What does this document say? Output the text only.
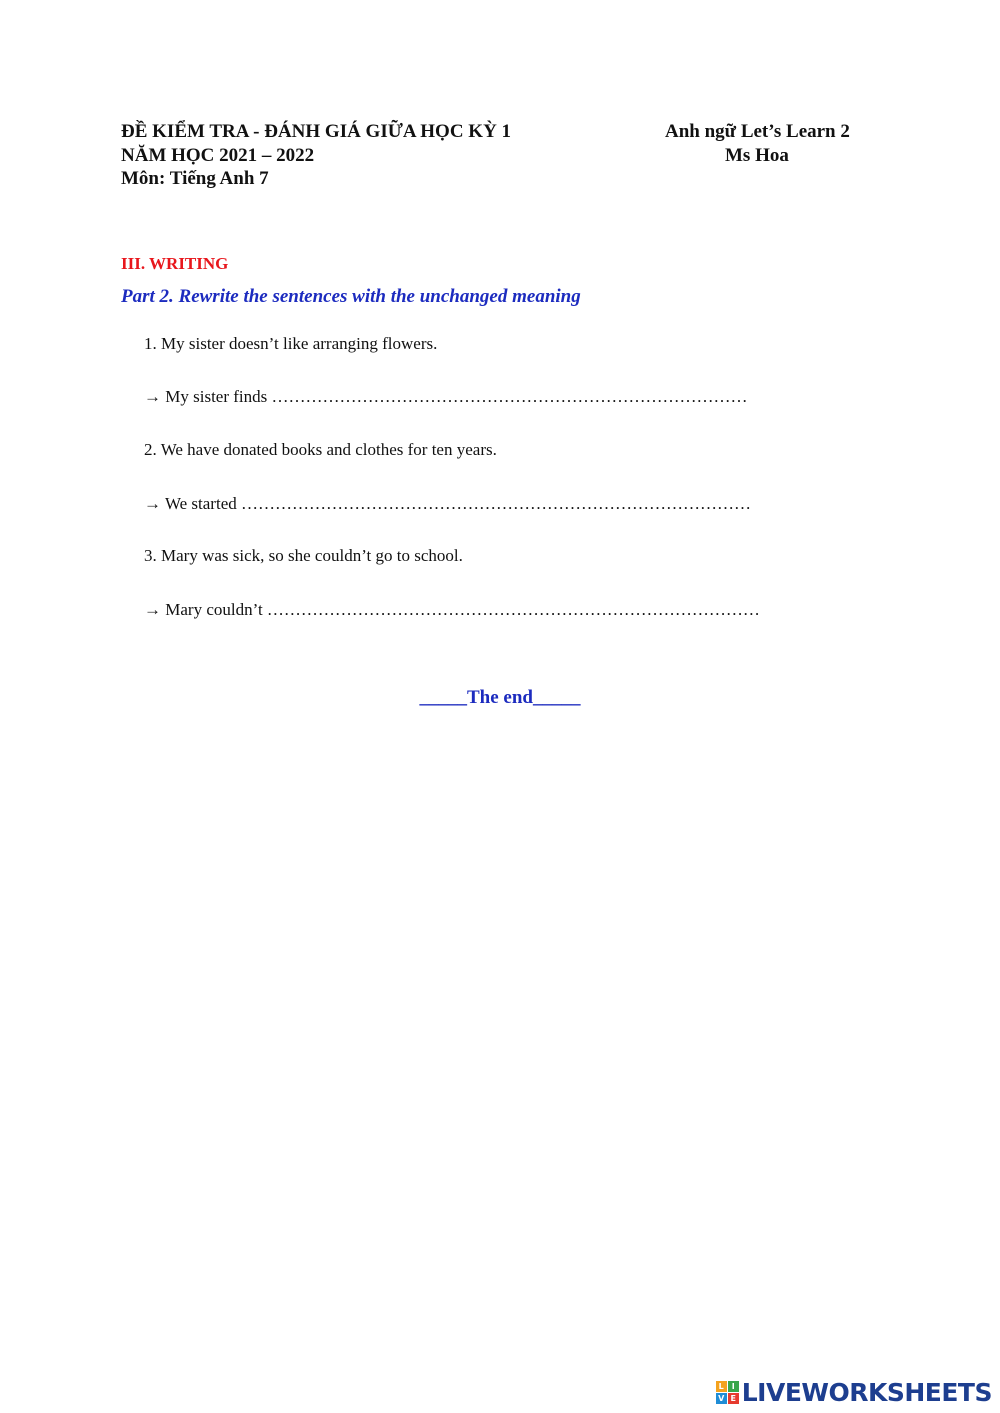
ĐỀ KIỂM TRA - ĐÁNH GIÁ GIỮA HỌC KỲ 1
NĂM HỌC 2021 – 2022
Môn: Tiếng Anh 7
Anh ngữ Let’s Learn 2
Ms Hoa
III. WRITING
Part 2. Rewrite the sentences with the unchanged meaning
1. My sister doesn’t like arranging flowers.
→ My sister finds …………………………………………………………………………
2. We have donated books and clothes for ten years.
→ We started ………………………………………………………………………………
3. Mary was sick, so she couldn’t go to school.
→ Mary couldn’t ……………………………………………………………………………
_____The end_____
L I
V E LIVEWORKSHEETS
